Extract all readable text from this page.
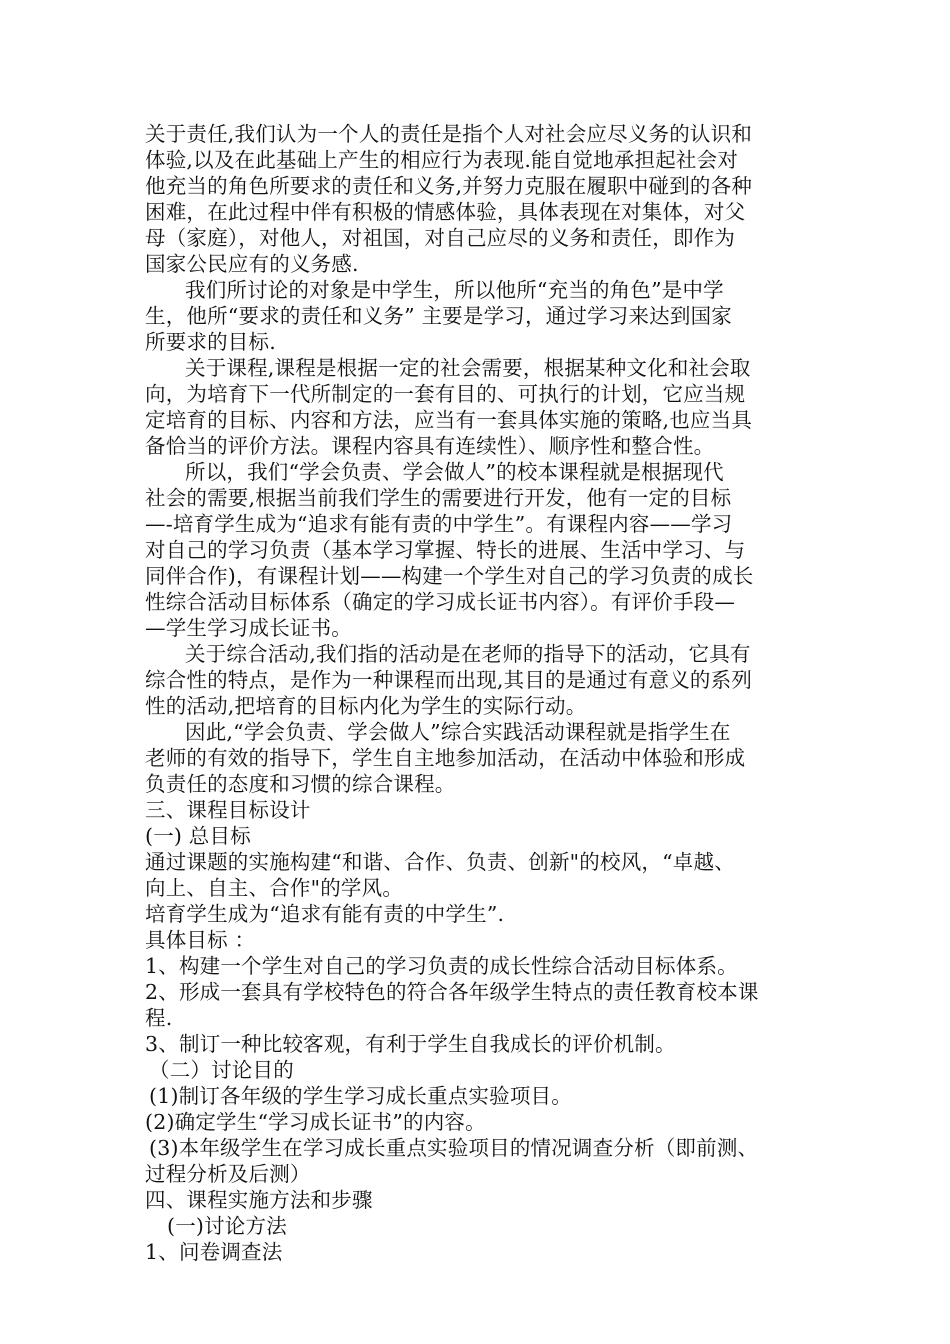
关于责任,我们认为一个人的责任是指个人对社会应尽义务的认识和
体验,以及在此基础上产生的相应行为表现.能自觉地承担起社会对
他充当的角色所要求的责任和义务,并努力克服在履职中碰到的各种
困难，在此过程中伴有积极的情感体验，具体表现在对集体，对父
母（家庭），对他人，对祖国，对自己应尽的义务和责任，即作为
国家公民应有的义务感.
我们所讨论的对象是中学生，所以他所“充当的角色”是中学
生，他所“要求的责任和义务” 主要是学习，通过学习来达到国家
所要求的目标.
关于课程,课程是根据一定的社会需要，根据某种文化和社会取
向，为培育下一代所制定的一套有目的、可执行的计划，它应当规
定培育的目标、内容和方法，应当有一套具体实施的策略,也应当具
备恰当的评价方法。课程内容具有连续性）、顺序性和整合性。
所以，我们“学会负责、学会做人”的校本课程就是根据现代
社会的需要,根据当前我们学生的需要进行开发，他有一定的目标
—-培育学生成为“追求有能有责的中学生”。有课程内容——学习
对自己的学习负责（基本学习掌握、特长的进展、生活中学习、与
同伴合作)，有课程计划——构建一个学生对自己的学习负责的成长
性综合活动目标体系（确定的学习成长证书内容）。有评价手段—
—学生学习成长证书。
关于综合活动,我们指的活动是在老师的指导下的活动，它具有
综合性的特点，是作为一种课程而出现,其目的是通过有意义的系列
性的活动,把培育的目标内化为学生的实际行动。
因此,“学会负责、学会做人”综合实践活动课程就是指学生在
老师的有效的指导下，学生自主地参加活动，在活动中体验和形成
负责任的态度和习惯的综合课程。
三、课程目标设计
(一) 总目标
通过课题的实施构建“和谐、合作、负责、创新"的校风，“卓越、
向上、自主、合作"的学风。
培育学生成为“追求有能有责的中学生”.
具体目标 ：
1、构建一个学生对自己的学习负责的成长性综合活动目标体系。
2、形成一套具有学校特色的符合各年级学生特点的责任教育校本课
程.
3、制订一种比较客观，有利于学生自我成长的评价机制。
（二）讨论目的
(1)制订各年级的学生学习成长重点实验项目。
(2)确定学生“学习成长证书”的内容。
(3)本年级学生在学习成长重点实验项目的情况调查分析（即前测、
过程分析及后测）
四、课程实施方法和步骤
(一)讨论方法
1、问卷调查法
